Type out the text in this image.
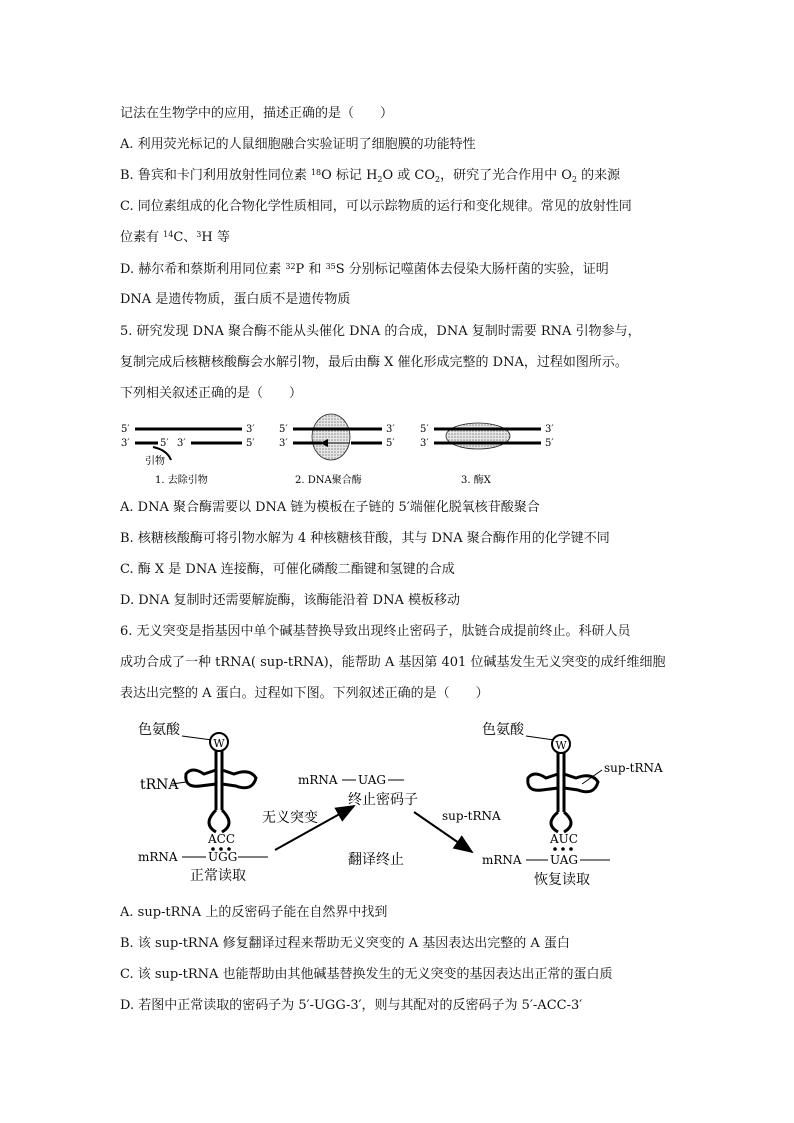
记法在生物学中的应用，描述正确的是（　　）
A. 利用荧光标记的人鼠细胞融合实验证明了细胞膜的功能特性
B. 鲁宾和卡门利用放射性同位素 $^{18}$O 标记 $H_2O$ 或 $CO_2$，研究了光合作用中 $O_2$ 的来源
C. 同位素组成的化合物化学性质相同，可以示踪物质的运行和变化规律。常见的放射性同
位素有 $^{14}$C、$^3$H 等
D. 赫尔希和蔡斯利用同位素 $^{32}$P 和 $^{35}$S 分别标记噬菌体去侵染大肠杆菌的实验，证明
DNA 是遗传物质，蛋白质不是遗传物质
5. 研究发现 DNA 聚合酶不能从头催化 DNA 的合成，DNA 复制时需要 RNA 引物参与，
复制完成后核糖核酸酶会水解引物，最后由酶 X 催化形成完整的 DNA，过程如图所示。
下列相关叙述正确的是（　　）
5′	3′
3′	5′ 3′	5′
引物
1. 去除引物
5′	3′
3′	5′
2. DNA聚合酶
5′	3′
3′	5′
3. 酶X
A. DNA 聚合酶需要以 DNA 链为模板在子链的 5′端催化脱氧核苷酸聚合
B. 核糖核酸酶可将引物水解为 4 种核糖核苷酸，其与 DNA 聚合酶作用的化学键不同
C. 酶 X 是 DNA 连接酶，可催化磷酸二酯键和氢键的合成
D. DNA 复制时还需要解旋酶，该酶能沿着 DNA 模板移动
6. 无义突变是指基因中单个碱基替换导致出现终止密码子，肽链合成提前终止。科研人员
成功合成了一种 tRNA( sup-tRNA)，能帮助 A 基因第 401 位碱基发生无义突变的成纤维细胞
表达出完整的 A 蛋白。过程如下图。下列叙述正确的是（　　）
色氨酸
W
tRNA
ACC
mRNA	UGG
正常读取
无义突变
mRNA UAG
终止密码子
sup-tRNA
翻译终止
色氨酸
W
sup-tRNA
AUC
mRNA UAG
恢复读取
A. sup-tRNA 上的反密码子能在自然界中找到
B. 该 sup-tRNA 修复翻译过程来帮助无义突变的 A 基因表达出完整的 A 蛋白
C. 该 sup-tRNA 也能帮助由其他碱基替换发生的无义突变的基因表达出正常的蛋白质
D. 若图中正常读取的密码子为 5′-UGG-3′，则与其配对的反密码子为 5′-ACC-3′
